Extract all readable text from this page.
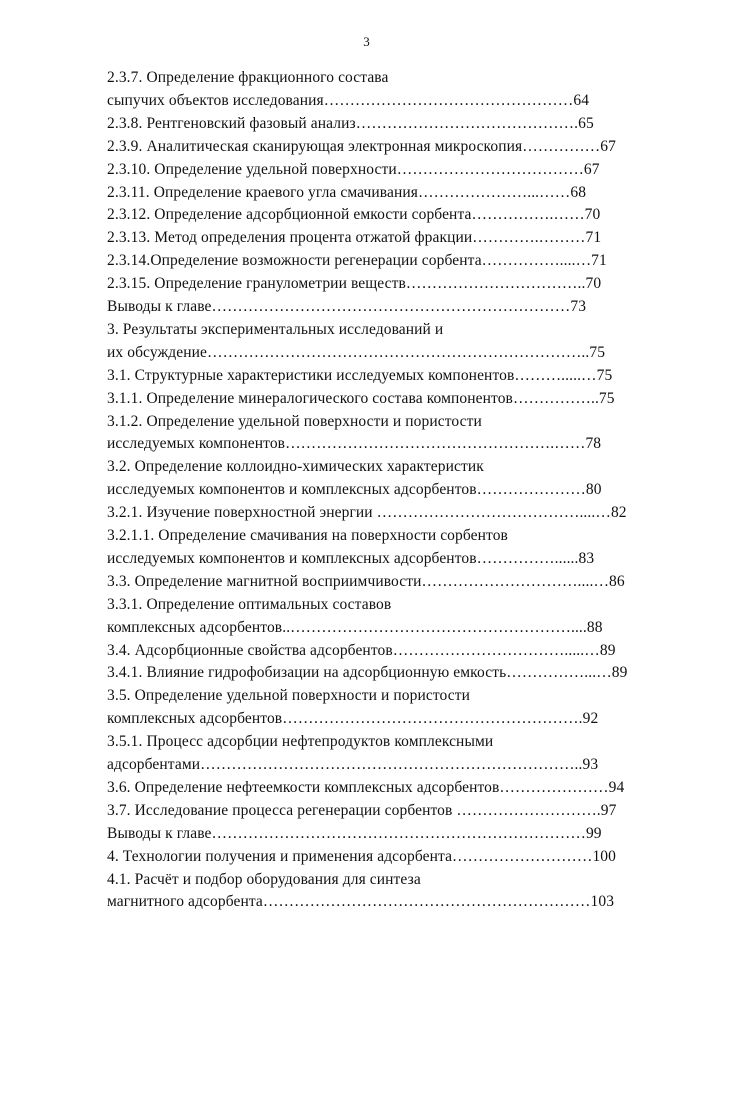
3
2.3.7. Определение фракционного состава
сыпучих объектов исследования…………………………………………64
2.3.8. Рентгеновский фазовый анализ…………………………………….65
2.3.9. Аналитическая сканирующая электронная микроскопия……………67
2.3.10. Определение удельной поверхности………………………………67
2.3.11. Определение краевого угла смачивания…………………...……68
2.3.12. Определение адсорбционной емкости сорбента…………….……70
2.3.13. Метод определения процента отжатой фракции………….………71
2.3.14.Определение возможности регенерации сорбента……………....…71
2.3.15. Определение гранулометрии веществ……………………………..70
Выводы к главе……………………………………………………………73
3. Результаты экспериментальных исследований и
их обсуждение………………………………………………………………..75
3.1. Структурные характеристики исследуемых компонентов……….....…75
3.1.1. Определение минералогического состава компонентов……………..75
3.1.2. Определение удельной поверхности и пористости
исследуемых компонентов…………………………………………….……78
3.2. Определение коллоидно-химических характеристик
исследуемых компонентов и комплексных адсорбентов…………………80
3.2.1. Изучение поверхностной энергии …………………………………....…82
3.2.1.1. Определение смачивания на поверхности сорбентов
исследуемых компонентов и комплексных адсорбентов……………......83
3.3. Определение магнитной восприимчивости…………………………....…86
3.3.1. Определение оптимальных составов
комплексных адсорбентов..………………………………………………....88
3.4. Адсорбционные свойства адсорбентов…………………………….....…89
3.4.1. Влияние гидрофобизации на адсорбционную емкость……………...…89
3.5. Определение удельной поверхности и пористости
комплексных адсорбентов………………………………………………….92
3.5.1. Процесс адсорбции нефтепродуктов комплексными
адсорбентами………………………………………………………………..93
3.6. Определение нефтеемкости комплексных адсорбентов…………………94
3.7. Исследование процесса регенерации сорбентов ……………………….97
Выводы к главе………………………………………………………………99
4. Технологии получения и применения адсорбента………………………100
4.1. Расчёт и подбор оборудования для синтеза
магнитного адсорбента………………………………………………………103
